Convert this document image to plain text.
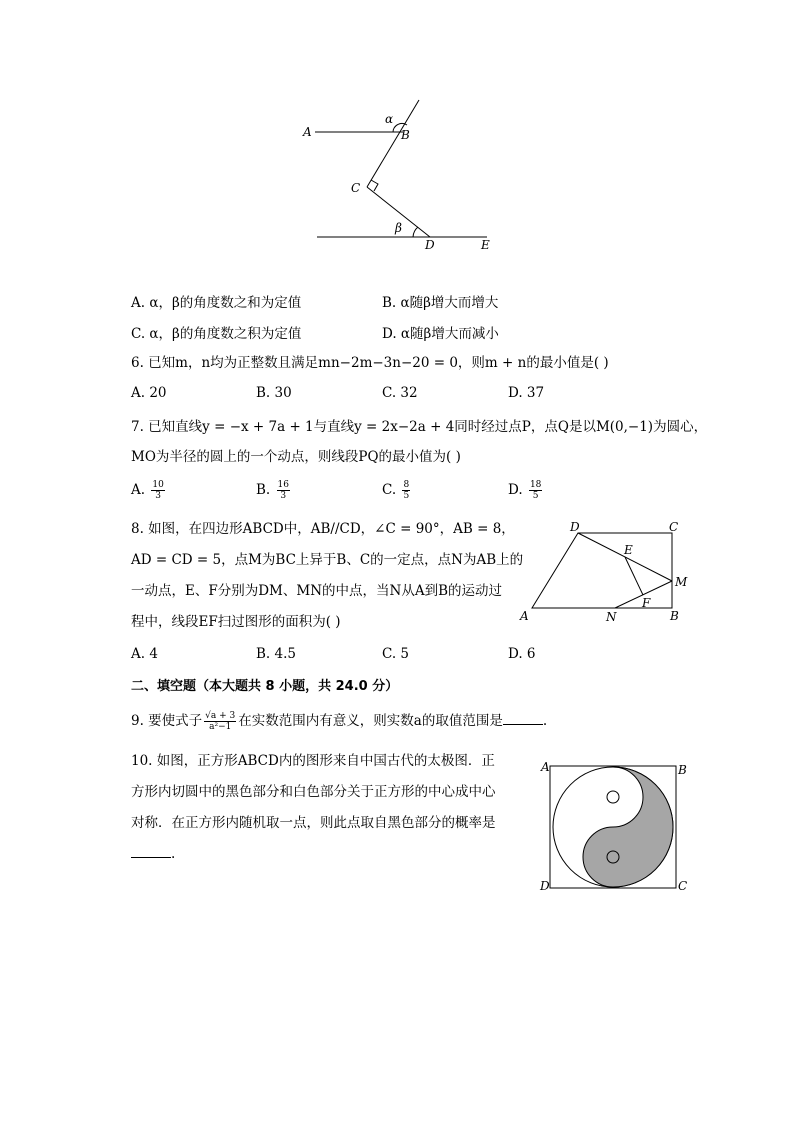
A
α
B
C
β
D	E
A. α，β的角度数之和为定值	B. α随β增大而增大
C. α，β的角度数之积为定值	D. α随β增大而减小
6. 已知m，n均为正整数且满足mn−2m−3n−20 = 0，则m + n的最小值是( )
A. 20	B. 30	C. 32	D. 37
7. 已知直线y = −x + 7a + 1与直线y = 2x−2a + 4同时经过点P，点Q是以M(0,−1)为圆心，
MO为半径的圆上的一个动点，则线段PQ的最小值为( )
A. $\frac{10}{3}$	B. $\frac{16}{3}$	C. $\frac{8}{5}$	D. $\frac{18}{5}$
8. 如图，在四边形ABCD中，AB//CD，∠C = 90°，AB = 8，
AD = CD = 5，点M为BC上异于B、C的一定点，点N为AB上的
一动点，E、F分别为DM、MN的中点，当N从A到B的运动过
程中，线段EF扫过图形的面积为( )
D	C
E
M
F
A	N	B
A. 4	B. 4.5	C. 5	D. 6
二、填空题（本大题共 8 小题，共 24.0 分）
9. 要使式子 $\frac{√a + 3}{\text{a²−1}}$ 在实数范围内有意义，则实数a的取值范围是	.
10. 如图，正方形ABCD内的图形来自中国古代的太极图．正
方形内切圆中的黑色部分和白色部分关于正方形的中心成中心
对称．在正方形内随机取一点，则此点取自黑色部分的概率是
.
A	B
D	C
